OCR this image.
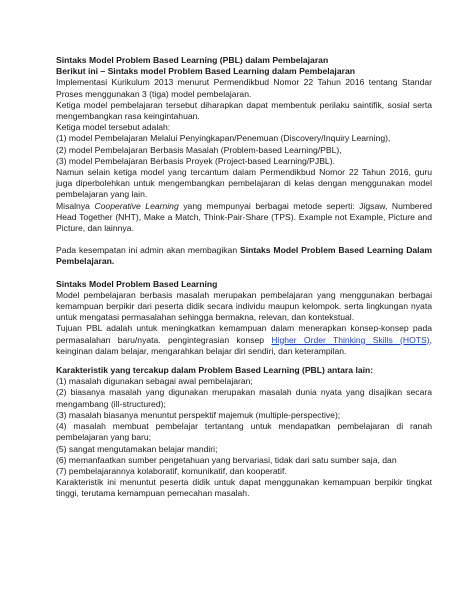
Sintaks Model Problem Based Learning (PBL) dalam Pembelajaran

Berikut ini – Sintaks model Problem Based Learning dalam Pembelajaran

Implementasi Kurikulum 2013 menurut Permendikbud Nomor 22 Tahun 2016 tentang Standar Proses menggunakan 3 (tiga) model pembelajaran.

Ketiga model pembelajaran tersebut diharapkan dapat membentuk perilaku saintifik, sosial serta mengembangkan rasa keingintahuan.

Ketiga model tersebut adalah:

(1) model Pembelajaran Melalui Penyingkapan/Penemuan (Discovery/Inquiry Learning),

(2) model Pembelajaran Berbasis Masalah (Problem-based Learning/PBL),

(3) model Pembelajaran Berbasis Proyek (Project-based Learning/PJBL).

Namun selain ketiga model yang tercantum dalam Permendikbud Nomor 22 Tahun 2016, guru juga diperbolehkan untuk mengembangkan pembelajaran di kelas dengan menggunakan model pembelajaran yang lain.

Misalnya Cooperative Learning yang mempunyai berbagai metode seperti: Jigsaw, Numbered Head Together (NHT), Make a Match, Think-Pair-Share (TPS). Example not Example, Picture and Picture, dan lainnya.

Pada kesempatan ini admin akan membagikan Sintaks Model Problem Based Learning Dalam Pembelajaran.

Sintaks Model Problem Based Learning

Model pembelajaran berbasis masalah merupakan pembelajaran yang menggunakan berbagai kemampuan berpikir dari peserta didik secara individu maupun kelompok. serta lingkungan nyata untuk mengatasi permasalahan sehingga bermakna, relevan, dan kontekstual.

Tujuan PBL adalah untuk meningkatkan kemampuan dalam menerapkan konsep-konsep pada permasalahan baru/nyata. pengintegrasian konsep Higher Order Thinking Skills (HOTS), keinginan dalam belajar, mengarahkan belajar diri sendiri, dan keterampilan.

Karakteristik yang tercakup dalam Problem Based Learning (PBL) antara lain:

(1) masalah digunakan sebagai awal pembelajaran;

(2) biasanya masalah yang digunakan merupakan masalah dunia nyata yang disajikan secara mengambang (ill-structured);

(3) masalah biasanya menuntut perspektif majemuk (multiple-perspective);

(4) masalah membuat pembelajar tertantang untuk mendapatkan pembelajaran di ranah pembelajaran yang baru;

(5) sangat mengutamakan belajar mandiri;

(6) memanfaatkan sumber pengetahuan yang bervariasi, tidak dari satu sumber saja, dan

(7) pembelajarannya kolaboratif, komunikatif, dan kooperatif.

Karakteristik ini menuntut peserta didik untuk dapat menggunakan kemampuan berpikir tingkat tinggi, terutama kemampuan pemecahan masalah.
